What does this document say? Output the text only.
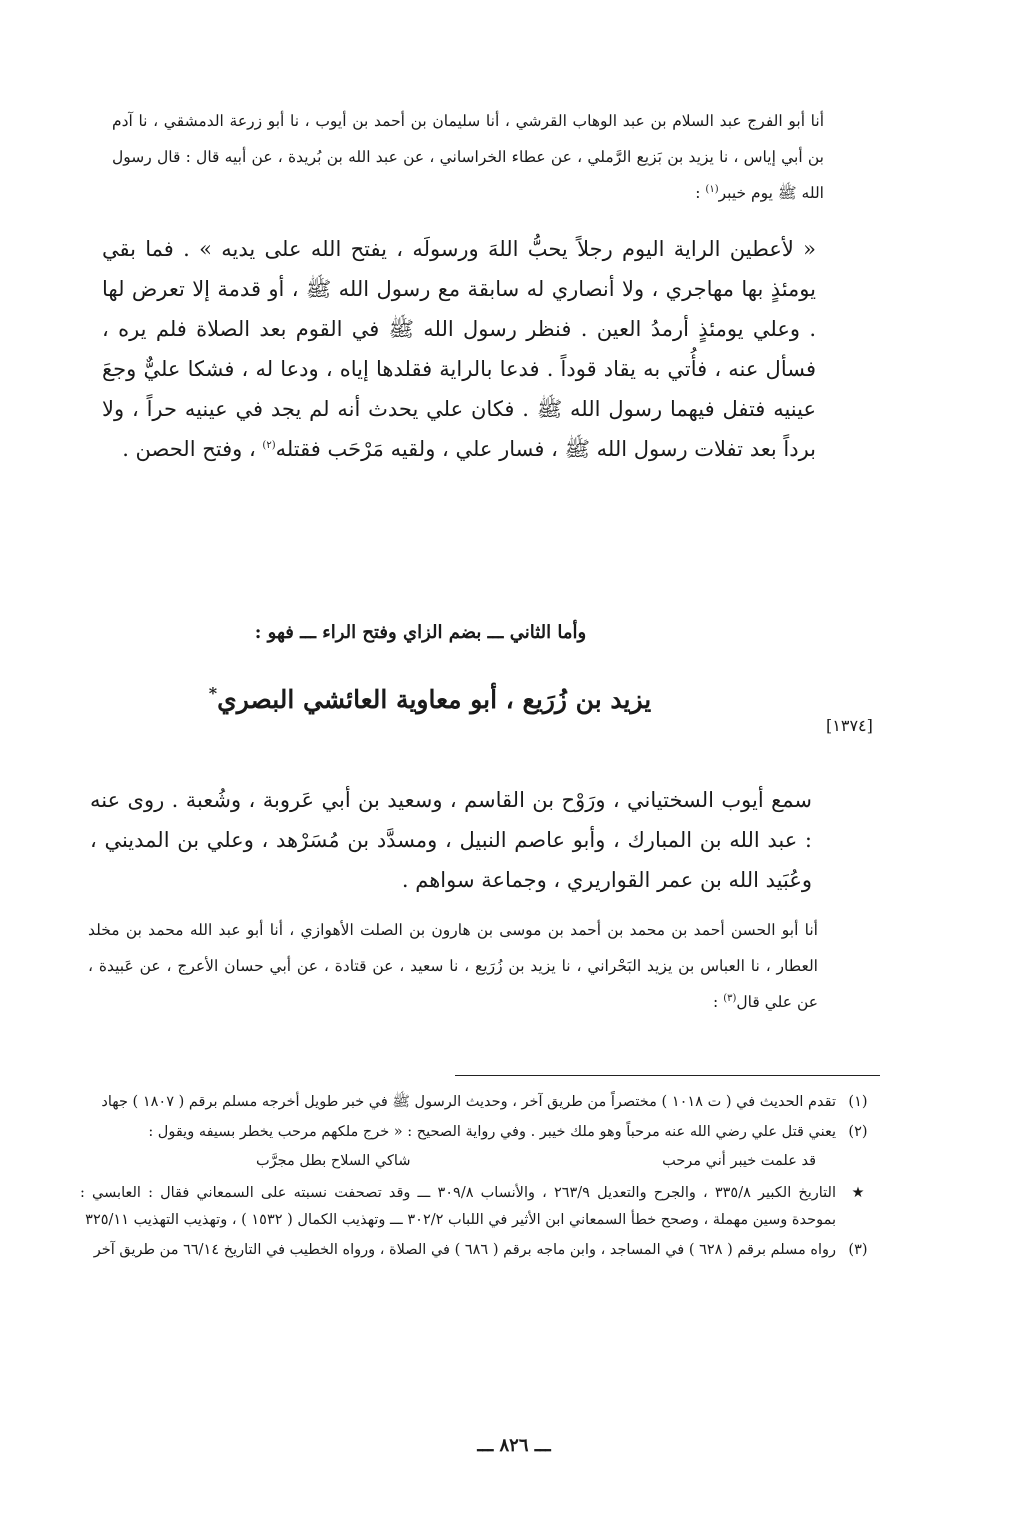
أنا أبو الفرج عبد السلام بن عبد الوهاب القرشي ، أنا سليمان بن أحمد بن أيوب ، نا أبو زرعة الدمشقي ، نا آدم بن أبي إياس ، نا يزيد بن بَزيع الرَّملي ، عن عطاء الخراساني ، عن عبد الله بن بُريدة ، عن أبيه قال : قال رسول الله ﷺ يوم خيبر$^{(١)}$ :
« لأعطين الراية اليوم رجلاً يحبُّ اللهَ ورسولَه ، يفتح الله على يديه » . فما بقي يومئذٍ بها مهاجري ، ولا أنصاري له سابقة مع رسول الله ﷺ ، أو قدمة إلا تعرض لها . وعلي يومئذٍ أرمدُ العين . فنظر رسول الله ﷺ في القوم بعد الصلاة فلم يره ، فسأل عنه ، فأُتي به يقاد قوداً . فدعا بالراية فقلدها إياه ، ودعا له ، فشكا عليٌّ وجعَ عينيه فتفل فيهما رسول الله ﷺ . فكان علي يحدث أنه لم يجد في عينيه حراً ، ولا برداً بعد تفلات رسول الله ﷺ ، فسار علي ، ولقيه مَرْحَب فقتله$^{(٢)}$ ، وفتح الحصن .
وأما الثاني ـــ بضم الزاي وفتح الراء ـــ فهو :
يزيد بن زُرَيع ، أبو معاوية العائشي البصري*
[١٣٧٤]
سمع أيوب السختياني ، ورَوْح بن القاسم ، وسعيد بن أبي عَروبة ، وشُعبة . روى عنه : عبد الله بن المبارك ، وأبو عاصم النبيل ، ومسدَّد بن مُسَرْهد ، وعلي بن المديني ، وعُبَيد الله بن عمر القواريري ، وجماعة سواهم .
أنا أبو الحسن أحمد بن محمد بن أحمد بن موسى بن هارون بن الصلت الأهوازي ، أنا أبو عبد الله محمد بن مخلد العطار ، نا العباس بن يزيد البَحْراني ، نا يزيد بن زُرَيع ، نا سعيد ، عن قتادة ، عن أبي حسان الأعرج ، عن عَبيدة ، عن علي قال$^{(٣)}$ :
(١)
تقدم الحديث في ( ت ١٠١٨ ) مختصراً من طريق آخر ، وحديث الرسول ﷺ في خبر طويل أخرجه مسلم برقم ( ١٨٠٧ ) جهاد
(٢)
يعني قتل علي رضي الله عنه مرحباً وهو ملك خيبر . وفي رواية الصحيح : « خرج ملكهم مرحب يخطر بسيفه ويقول :
قد علمت خيبر أني مرحب
شاكي السلاح بطل مجرَّب
★
التاريخ الكبير ٣٣٥/٨ ، والجرح والتعديل ٢٦٣/٩ ، والأنساب ٣٠٩/٨ ـــ وقد تصحفت نسبته على السمعاني فقال : العابسي : بموحدة وسين مهملة ، وصحح خطأ السمعاني ابن الأثير في اللباب ٣٠٢/٢ ـــ وتهذيب الكمال ( ١٥٣٢ ) ، وتهذيب التهذيب ٣٢٥/١١
(٣)
رواه مسلم برقم ( ٦٢٨ ) في المساجد ، وابن ماجه برقم ( ٦٨٦ ) في الصلاة ، ورواه الخطيب في التاريخ ٦٦/١٤ من طريق آخر
ـــ ٨٢٦ ـــ
